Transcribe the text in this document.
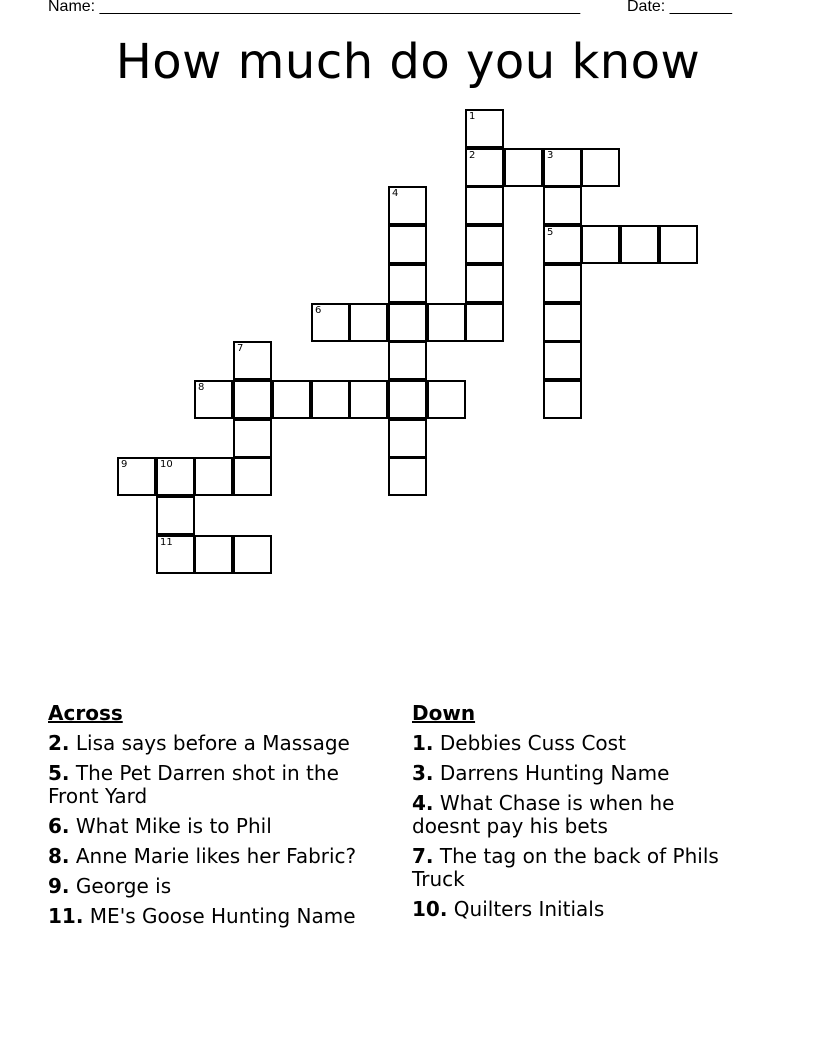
Name: ______________________________________________________	Date: _______
How much do you know
1
2	3
4
5
6
7
8
9	10
11
Across
2. Lisa says before a Massage
5. The Pet Darren shot in the Front Yard
6. What Mike is to Phil
8. Anne Marie likes her Fabric?
9. George is
11. ME's Goose Hunting Name
Down
1. Debbies Cuss Cost
3. Darrens Hunting Name
4. What Chase is when he doesnt pay his bets
7. The tag on the back of Phils Truck
10. Quilters Initials
